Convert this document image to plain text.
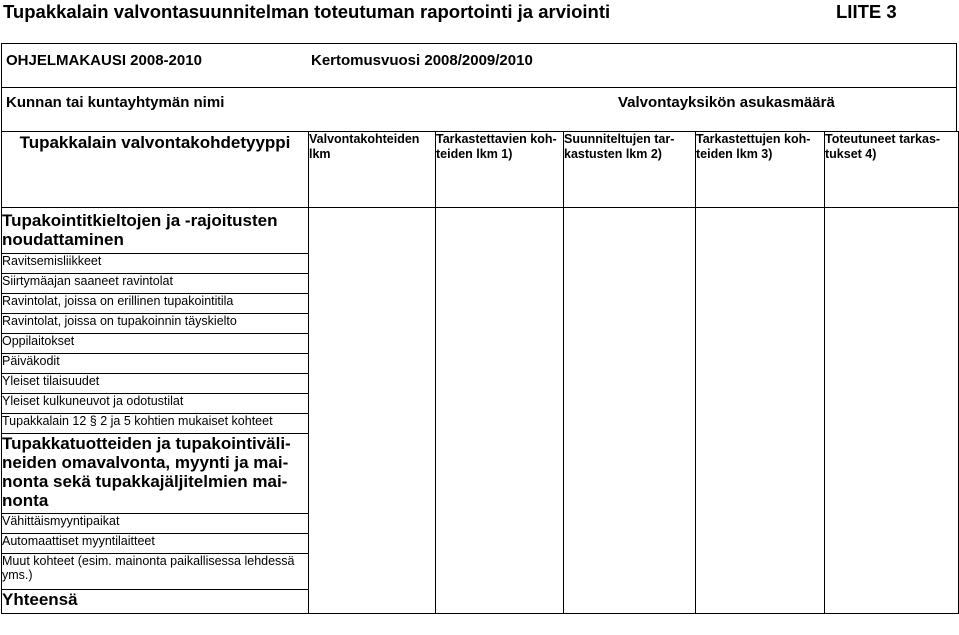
Tupakkalain valvontasuunnitelman toteutuman raportointi ja arviointi	LIITE 3
OHJELMAKAUSI 2008-2010	Kertomusvuosi 2008/2009/2010
Kunnan tai kuntayhtymän nimi	Valvontayksikön asukasmäärä
Tupakkalain valvontakohdetyyppi	Valvontakohteiden lkm	Tarkastettavien koh-teiden lkm 1)	Suunniteltujen tar-kastusten lkm 2)	Tarkastettujen koh-teiden lkm 3)	Toteutuneet tarkas-tukset 4)

Tupakointitkieltojen ja -rajoitusten noudattaminen					

Ravitsemisliikkeet					
Siirtymäajan saaneet ravintolat					
Ravintolat, joissa on erillinen tupakointitila					
Ravintolat, joissa on tupakoinnin täyskielto					
Oppilaitokset					
Päiväkodit					
Yleiset tilaisuudet					
Yleiset kulkuneuvot ja odotustilat					
Tupakkalain 12 § 2 ja 5 kohtien mukaiset kohteet					
Tupakkatuotteiden ja tupakointiväli-neiden omavalvonta, myynti ja mai-nonta sekä tupakkajäljitelmien mai-nonta					
Vähittäismyyntipaikat					
Automaattiset myyntilaitteet					
Muut kohteet (esim. mainonta paikallisessa lehdessä yms.)					
Yhteensä					
